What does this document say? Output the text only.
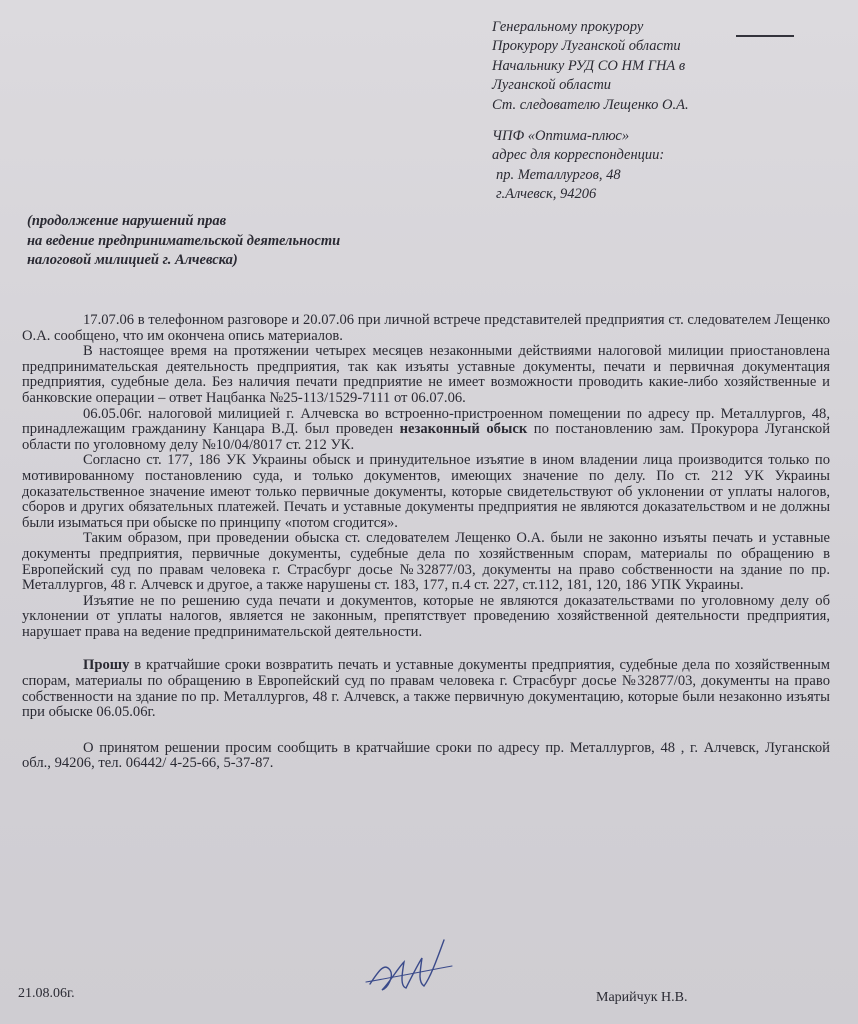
Генеральному прокурору
Прокурору Луганской области
Начальнику РУД СО НМ ГНА в
Луганской области
Ст. следователю Лещенко О.А.
ЧПФ «Оптима-плюс»
адрес для корреспонденции:
пр. Металлургов, 48
г.Алчевск, 94206
(продолжение нарушений прав
на ведение предпринимательской деятельности
налоговой милицией г. Алчевска)

17.07.06 в телефонном разговоре и 20.07.06 при личной встрече представителей предприятия ст. следователем Лещенко О.А. сообщено, что им окончена опись материалов.

В настоящее время на протяжении четырех месяцев незаконными действиями налоговой милиции приостановлена предпринимательская деятельность предприятия, так как изъяты уставные документы, печати и первичная документация предприятия, судебные дела. Без наличия печати предприятие не имеет возможности проводить какие-либо хозяйственные и банковские операции – ответ Нацбанка №25-113/1529-7111 от 06.07.06.

06.05.06г. налоговой милицией г. Алчевска во встроенно-пристроенном помещении по адресу пр. Металлургов, 48, принадлежащим гражданину Канцара В.Д. был проведен незаконный обыск по постановлению зам. Прокурора Луганской области по уголовному делу №10/04/8017 ст. 212 УК.

Согласно ст. 177, 186 УК Украины обыск и принудительное изъятие в ином владении лица производится только по мотивированному постановлению суда, и только документов, имеющих значение по делу. По ст. 212 УК Украины доказательственное значение имеют только первичные документы, которые свидетельствуют об уклонении от уплаты налогов, сборов и других обязательных платежей. Печать и уставные документы предприятия не являются доказательством и не должны были изыматься при обыске по принципу «потом сгодится».

Таким образом, при проведении обыска ст. следователем Лещенко О.А. были не законно изъяты печать и уставные документы предприятия, первичные документы, судебные дела по хозяйственным спорам, материалы по обращению в Европейский суд по правам человека г. Страсбург досье №32877/03, документы на право собственности на здание по пр. Металлургов, 48 г. Алчевск и другое, а также нарушены ст. 183, 177, п.4 ст. 227, ст.112, 181, 120, 186 УПК Украины.

Изъятие не по решению суда печати и документов, которые не являются доказательствами по уголовному делу об уклонении от уплаты налогов, является не законным, препятствует проведению хозяйственной деятельности предприятия, нарушает права на ведение предпринимательской деятельности.

Прошу в кратчайшие сроки возвратить печать и уставные документы предприятия, судебные дела по хозяйственным спорам, материалы по обращению в Европейский суд по правам человека г. Страсбург досье №32877/03, документы на право собственности на здание по пр. Металлургов, 48 г. Алчевск, а также первичную документацию, которые были незаконно изъяты при обыске 06.05.06г.

О принятом решении просим сообщить в кратчайшие сроки по адресу пр. Металлургов, 48 , г. Алчевск, Луганской обл., 94206, тел. 06442/ 4-25-66, 5-37-87.

21.08.06г.	Марийчук Н.В.
